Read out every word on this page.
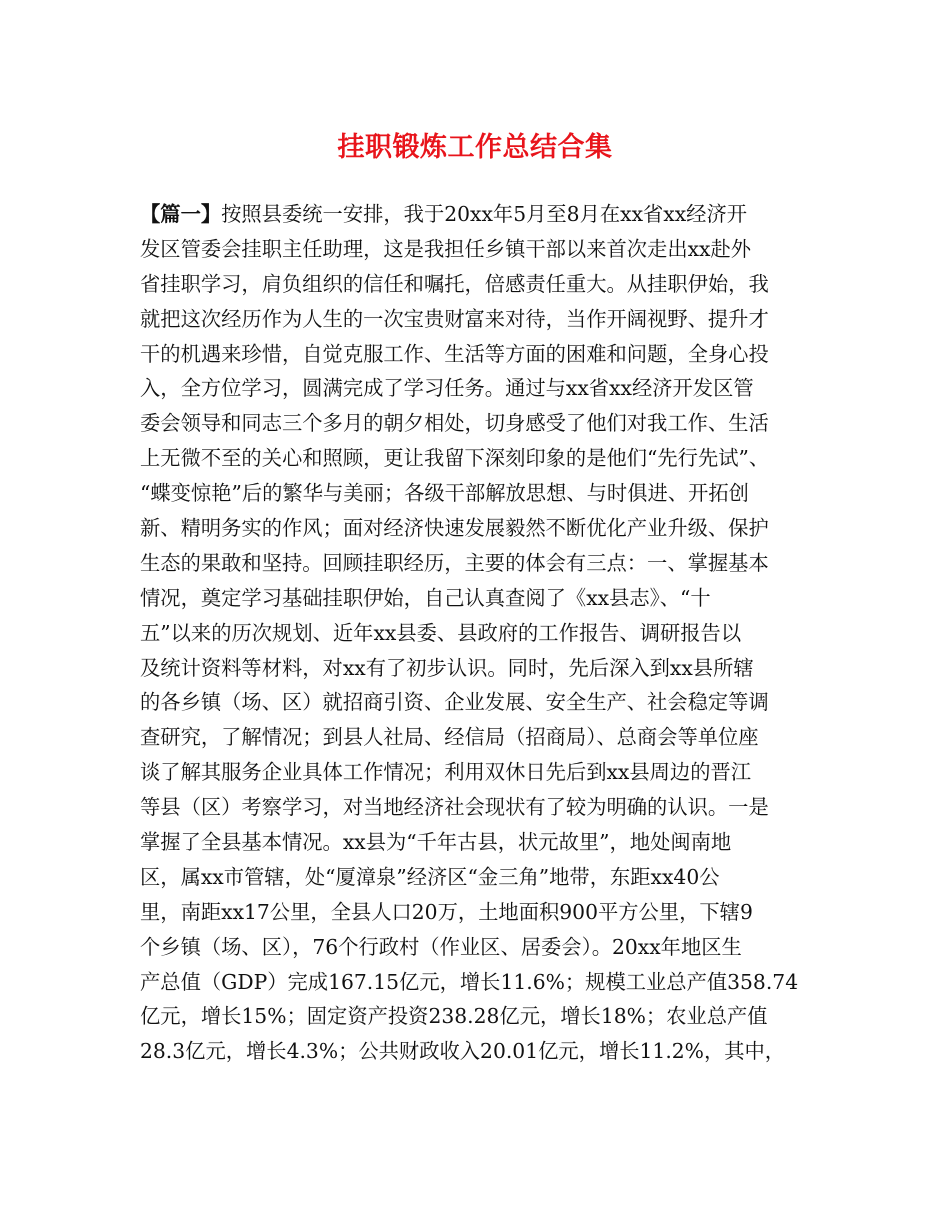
挂职锻炼工作总结合集
【篇一】按照县委统一安排，我于20xx年5月至8月在xx省xx经济开
发区管委会挂职主任助理，这是我担任乡镇干部以来首次走出xx赴外
省挂职学习，肩负组织的信任和嘱托，倍感责任重大。从挂职伊始，我
就把这次经历作为人生的一次宝贵财富来对待，当作开阔视野、提升才
干的机遇来珍惜，自觉克服工作、生活等方面的困难和问题，全身心投
入，全方位学习，圆满完成了学习任务。通过与xx省xx经济开发区管
委会领导和同志三个多月的朝夕相处，切身感受了他们对我工作、生活
上无微不至的关心和照顾，更让我留下深刻印象的是他们“先行先试”、
“蝶变惊艳”后的繁华与美丽；各级干部解放思想、与时俱进、开拓创
新、精明务实的作风；面对经济快速发展毅然不断优化产业升级、保护
生态的果敢和坚持。回顾挂职经历，主要的体会有三点：一、掌握基本
情况，奠定学习基础挂职伊始，自己认真查阅了《xx县志》、“十
五”以来的历次规划、近年xx县委、县政府的工作报告、调研报告以
及统计资料等材料，对xx有了初步认识。同时，先后深入到xx县所辖
的各乡镇（场、区）就招商引资、企业发展、安全生产、社会稳定等调
查研究，了解情况；到县人社局、经信局（招商局）、总商会等单位座
谈了解其服务企业具体工作情况；利用双休日先后到xx县周边的晋江
等县（区）考察学习，对当地经济社会现状有了较为明确的认识。一是
掌握了全县基本情况。xx县为“千年古县，状元故里”，地处闽南地
区，属xx市管辖，处“厦漳泉”经济区“金三角”地带，东距xx40公
里，南距xx17公里，全县人口20万，土地面积900平方公里，下辖9
个乡镇（场、区），76个行政村（作业区、居委会）。20xx年地区生
产总值（GDP）完成167.15亿元，增长11.6%；规模工业总产值358.74
亿元，增长15%；固定资产投资238.28亿元，增长18%；农业总产值
28.3亿元，增长4.3%；公共财政收入20.01亿元，增长11.2%，其中，
